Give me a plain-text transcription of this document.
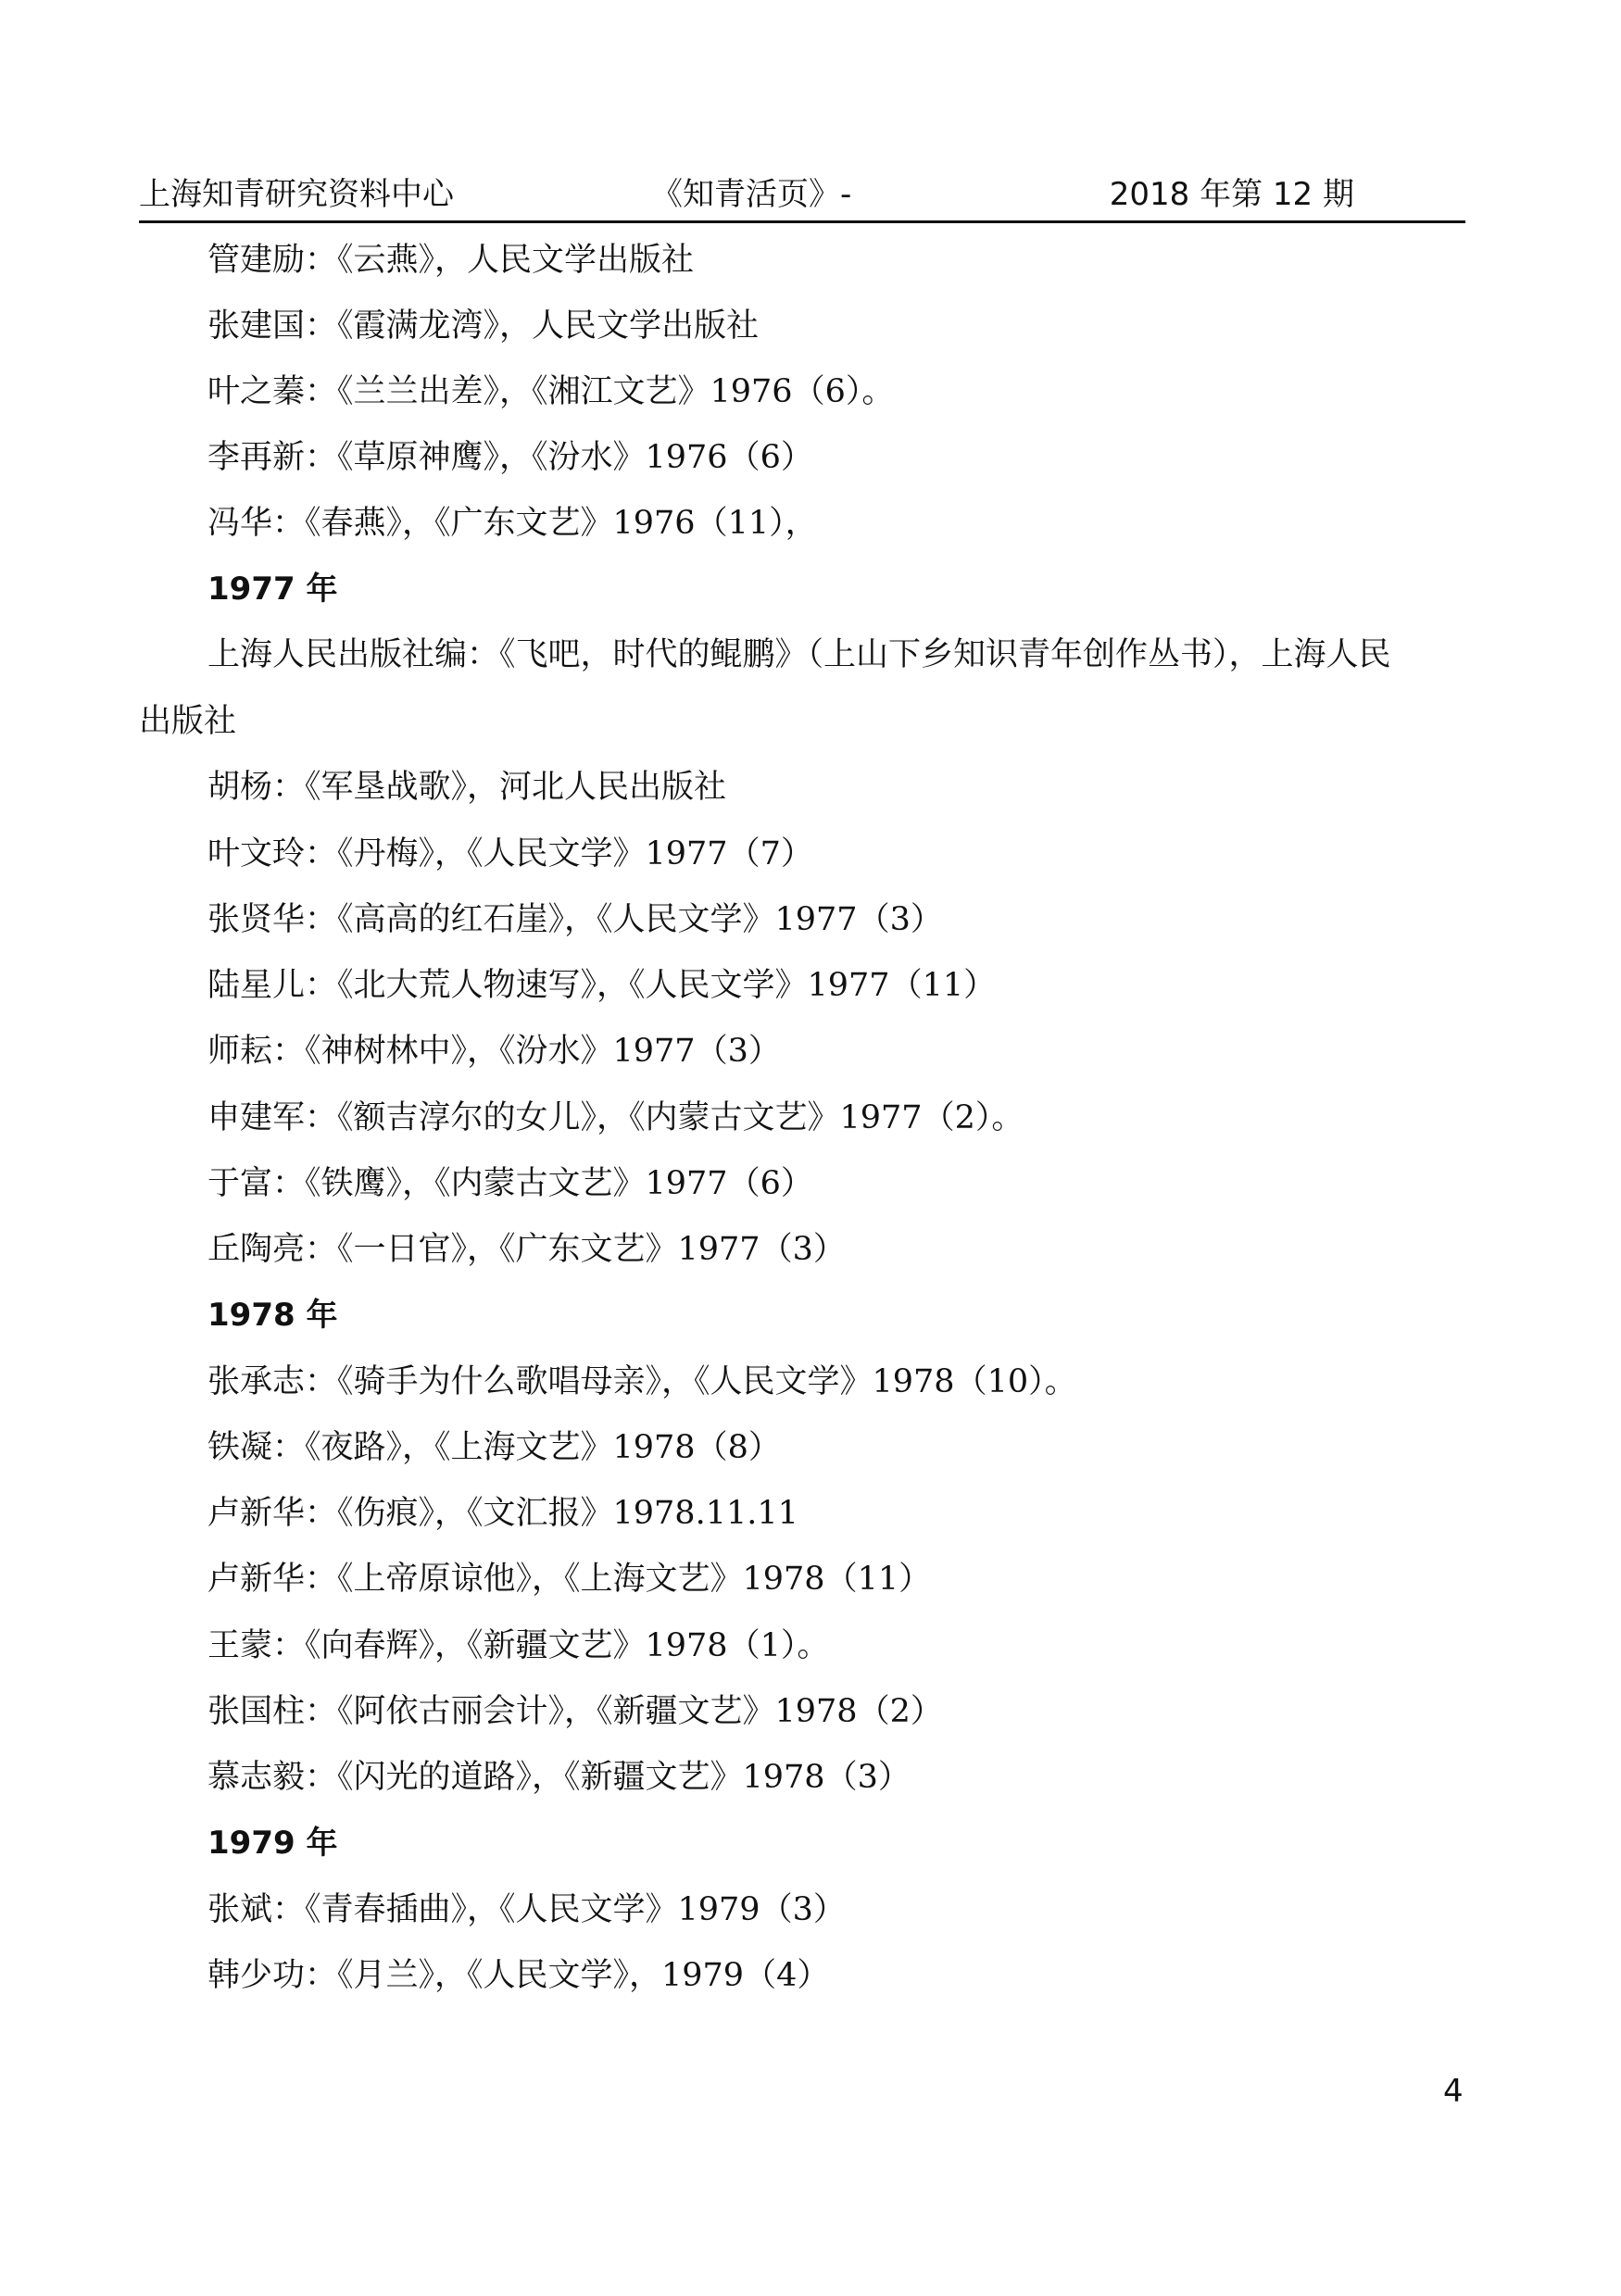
上海知青研究资料中心	《知青活页》-	2018 年第 12 期
管建励：《云燕》，人民文学出版社
张建国：《霞满龙湾》，人民文学出版社
叶之蓁：《兰兰出差》，《湘江文艺》1976（6）。
李再新：《草原神鹰》，《汾水》1976（6）
冯华：《春燕》，《广东文艺》1976（11），
1977 年
上海人民出版社编：《飞吧，时代的鲲鹏》（上山下乡知识青年创作丛书），上海人民出版社
胡杨：《军垦战歌》，河北人民出版社
叶文玲：《丹梅》，《人民文学》1977（7）
张贤华：《高高的红石崖》，《人民文学》1977（3）
陆星儿：《北大荒人物速写》，《人民文学》1977（11）
师耘：《神树林中》，《汾水》1977（3）
申建军：《额吉淳尔的女儿》，《内蒙古文艺》1977（2）。
于富：《铁鹰》，《内蒙古文艺》1977（6）
丘陶亮：《一日官》，《广东文艺》1977（3）
1978 年
张承志：《骑手为什么歌唱母亲》，《人民文学》1978（10）。
铁凝：《夜路》，《上海文艺》1978（8）
卢新华：《伤痕》，《文汇报》1978.11.11
卢新华：《上帝原谅他》，《上海文艺》1978（11）
王蒙：《向春辉》，《新疆文艺》1978（1）。
张国柱：《阿依古丽会计》，《新疆文艺》1978（2）
慕志毅：《闪光的道路》，《新疆文艺》1978（3）
1979 年
张斌：《青春插曲》，《人民文学》1979（3）
韩少功：《月兰》，《人民文学》，1979（4）
4
